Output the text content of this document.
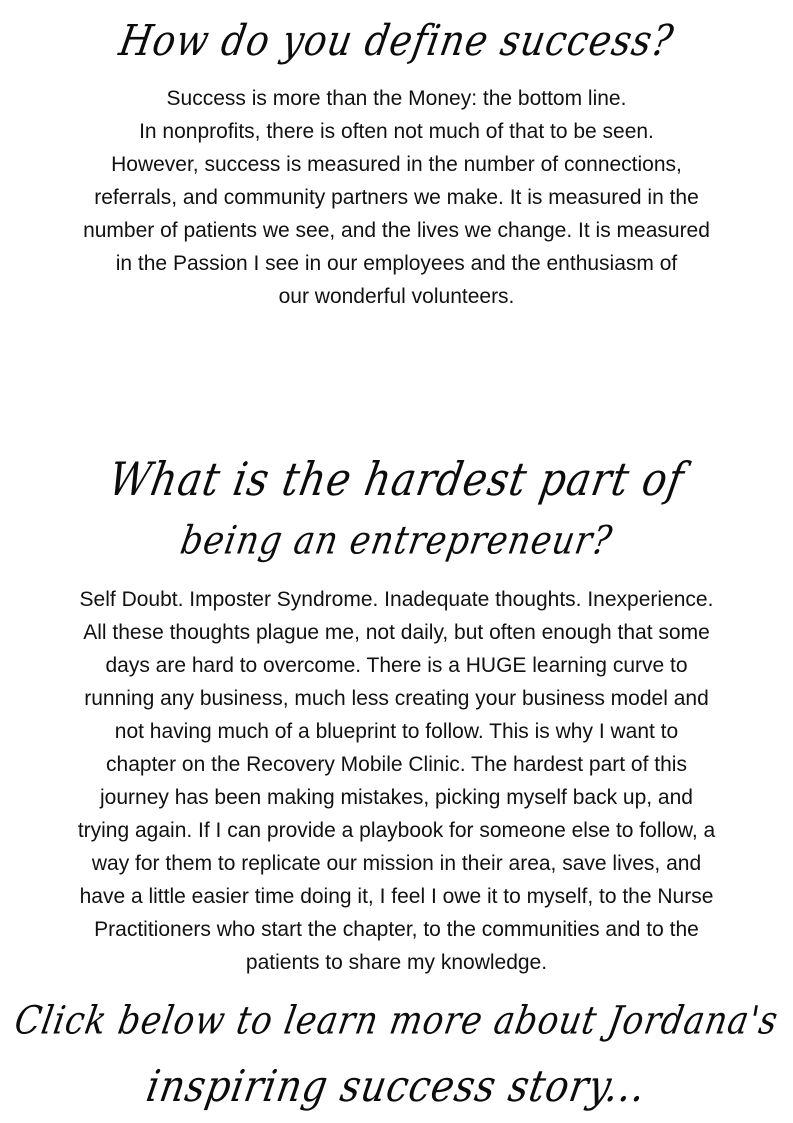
How do you define success?
Success is more than the Money: the bottom line.
In nonprofits, there is often not much of that to be seen.
However, success is measured in the number of connections,
referrals, and community partners we make. It is measured in the
number of patients we see, and the lives we change. It is measured
in the Passion I see in our employees and the enthusiasm of
our wonderful volunteers.
What is the hardest part of
being an entrepreneur?
Self Doubt. Imposter Syndrome. Inadequate thoughts. Inexperience.
All these thoughts plague me, not daily, but often enough that some
days are hard to overcome. There is a HUGE learning curve to
running any business, much less creating your business model and
not having much of a blueprint to follow. This is why I want to
chapter on the Recovery Mobile Clinic. The hardest part of this
journey has been making mistakes, picking myself back up, and
trying again. If I can provide a playbook for someone else to follow, a
way for them to replicate our mission in their area, save lives, and
have a little easier time doing it, I feel I owe it to myself, to the Nurse
Practitioners who start the chapter, to the communities and to the
patients to share my knowledge.
Click below to learn more about Jordana's
inspiring success story...
